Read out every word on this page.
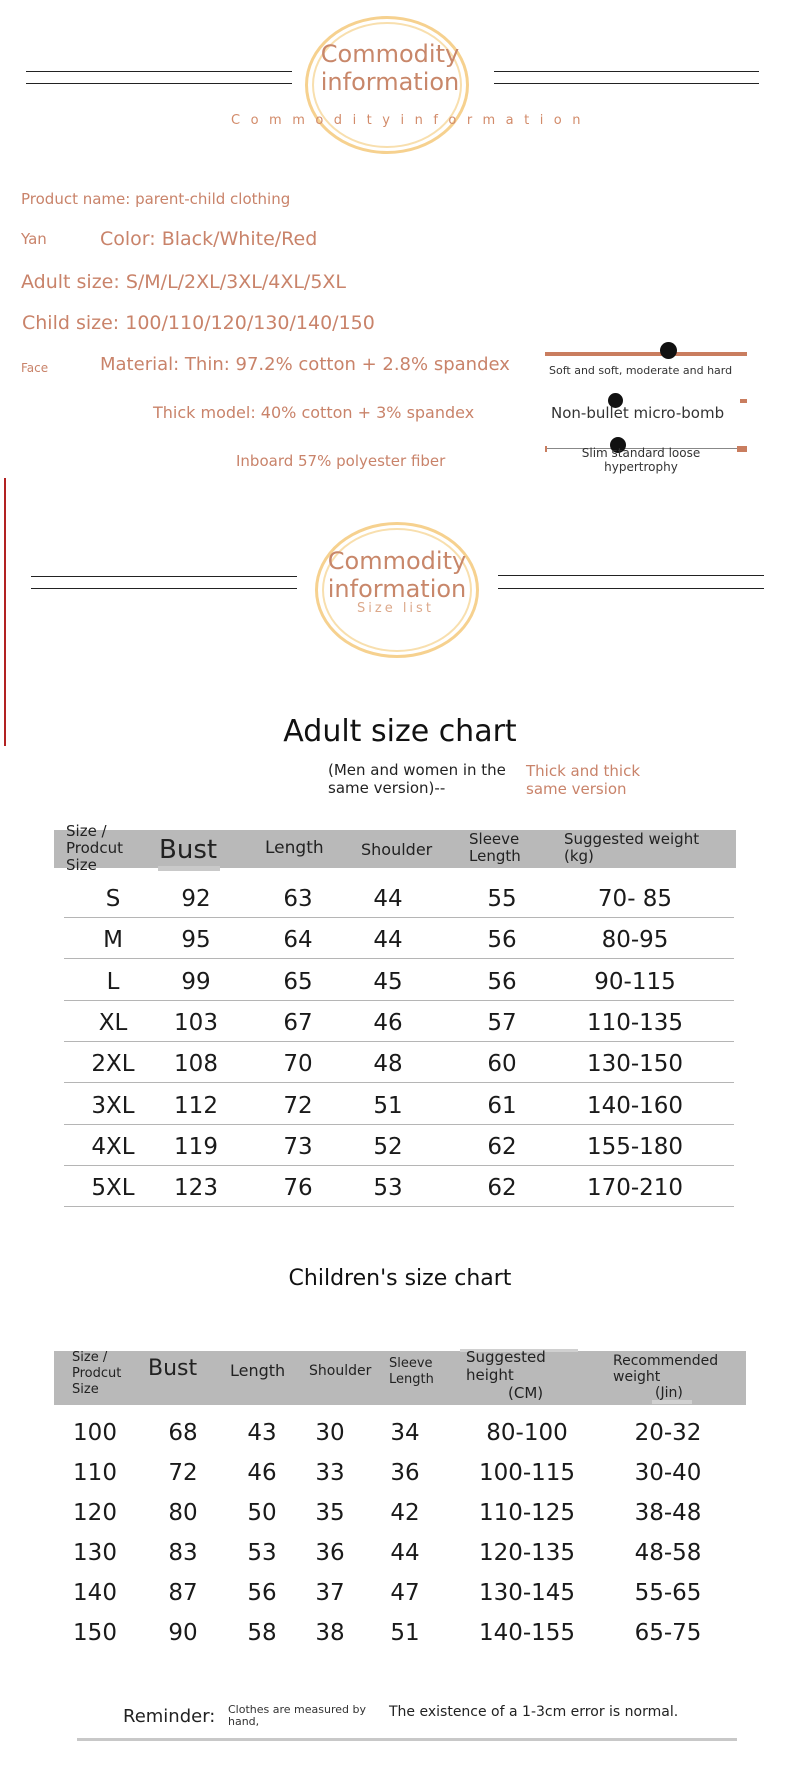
Commodity
information
Commodityinformation
Product name: parent-child clothing
Yan	Color: Black/White/Red
Adult size: S/M/L/2XL/3XL/4XL/5XL
Child size: 100/110/120/130/140/150
Face	Material: Thin: 97.2% cotton + 2.8% spandex
Thick model: 40% cotton + 3% spandex
Inboard 57% polyester fiber
Soft and soft, moderate and hard
Non-bullet micro-bomb
Slim standard loose
hypertrophy
Commodity
information
Size list
Adult size chart
(Men and women in the
same version)--
Thick and thick
same version
Size /
Prodcut
Size	Bust	Length Shoulder
Sleeve
Length
Suggested weight
(kg)
S	92	63	44	55	70- 85
M	95	64	44	56	80-95
L	99	65	45	56	90-115
XL	103	67	46	57	110-135
2XL 108	70	48	60	130-150
3XL 112	72	51	61	140-160
4XL 119	73	52	62	155-180
5XL 123	76	53	62	170-210
Children's size chart
Size /
Prodcut
Size
Bust Length Shoulder Sleeve
Length
Suggested
height
(CM)
Recommended
weight
(Jin)
100	68	43 30 34	80-100	20-32
110	72	46 33 36	100-115	30-40
120	80	50 35 42	110-125	38-48
130	83	53 36 44	120-135	48-58
140	87	56 37 47	130-145	55-65
150	90	58 38 51	140-155	65-75
Reminder: Clothes are measured by
hand,
The existence of a 1-3cm error is normal.
